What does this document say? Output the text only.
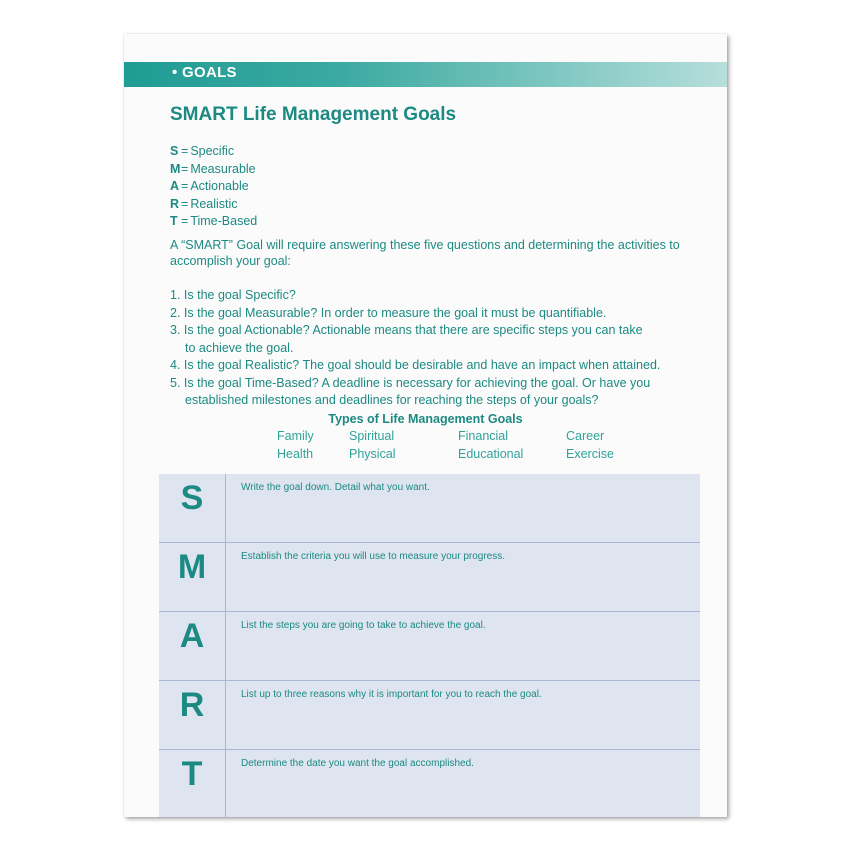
• GOALS
SMART Life Management Goals
S = Specific
M= Measurable
A = Actionable
R = Realistic
T = Time-Based
A “SMART” Goal will require answering these five questions and determining the activities to accomplish your goal:
1. Is the goal Specific?
2. Is the goal Measurable? In order to measure the goal it must be quantifiable.
3. Is the goal Actionable? Actionable means that there are specific steps you can take
to achieve the goal.
4. Is the goal Realistic? The goal should be desirable and have an impact when attained.
5. Is the goal Time-Based? A deadline is necessary for achieving the goal. Or have you
established milestones and deadlines for reaching the steps of your goals?
Types of Life Management Goals
Family	Spiritual	Financial	Career
Health	Physical	Educational	Exercise
S	Write the goal down. Detail what you want.
M	Establish the criteria you will use to measure your progress.
A	List the steps you are going to take to achieve the goal.
R	List up to three reasons why it is important for you to reach the goal.
T	Determine the date you want the goal accomplished.
